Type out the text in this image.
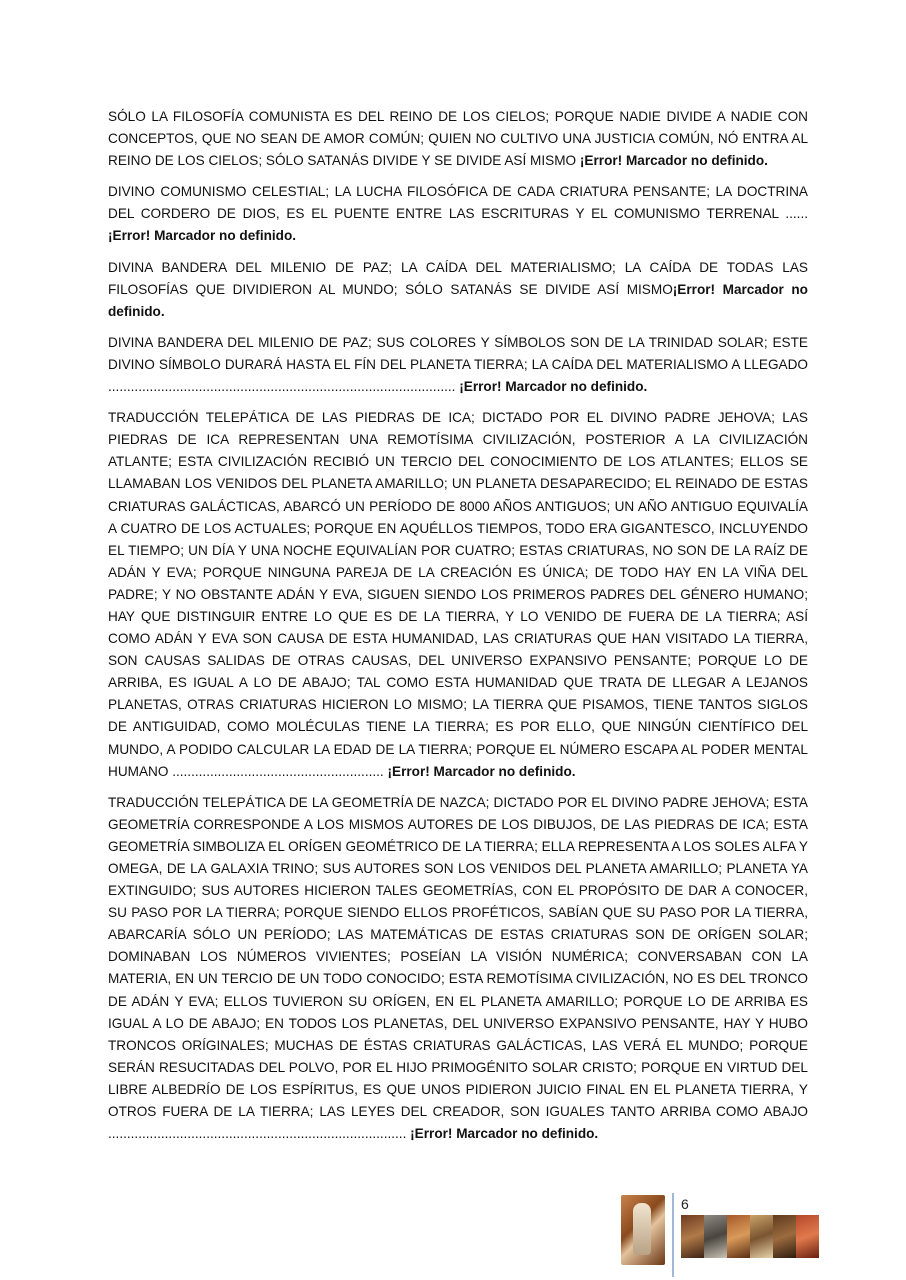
SÓLO LA FILOSOFÍA COMUNISTA ES DEL REINO DE LOS CIELOS; PORQUE NADIE DIVIDE A NADIE CON CONCEPTOS, QUE NO SEAN DE AMOR COMÚN; QUIEN NO CULTIVO UNA JUSTICIA COMÚN, NÓ ENTRA AL REINO DE LOS CIELOS; SÓLO SATANÁS DIVIDE Y SE DIVIDE ASÍ MISMO ¡Error! Marcador no definido.

DIVINO COMUNISMO CELESTIAL; LA LUCHA FILOSÓFICA DE CADA CRIATURA PENSANTE; LA DOCTRINA DEL CORDERO DE DIOS, ES EL PUENTE ENTRE LAS ESCRITURAS Y EL COMUNISMO TERRENAL ...... ¡Error! Marcador no definido.

DIVINA BANDERA DEL MILENIO DE PAZ; LA CAÍDA DEL MATERIALISMO; LA CAÍDA DE TODAS LAS FILOSOFÍAS QUE DIVIDIERON AL MUNDO; SÓLO SATANÁS SE DIVIDE ASÍ MISMO¡Error! Marcador no definido.

DIVINA BANDERA DEL MILENIO DE PAZ; SUS COLORES Y SÍMBOLOS SON DE LA TRINIDAD SOLAR; ESTE DIVINO SÍMBOLO DURARÁ HASTA EL FÍN DEL PLANETA TIERRA; LA CAÍDA DEL MATERIALISMO A LLEGADO ............................................................................................ ¡Error! Marcador no definido.

TRADUCCIÓN TELEPÁTICA DE LAS PIEDRAS DE ICA; DICTADO POR EL DIVINO PADRE JEHOVA; LAS PIEDRAS DE ICA REPRESENTAN UNA REMOTÍSIMA CIVILIZACIÓN, POSTERIOR A LA CIVILIZACIÓN ATLANTE; ESTA CIVILIZACIÓN RECIBIÓ UN TERCIO DEL CONOCIMIENTO DE LOS ATLANTES; ELLOS SE LLAMABAN LOS VENIDOS DEL PLANETA AMARILLO; UN PLANETA DESAPARECIDO; EL REINADO DE ESTAS CRIATURAS GALÁCTICAS, ABARCÓ UN PERÍODO DE 8000 AÑOS ANTIGUOS; UN AÑO ANTIGUO EQUIVALÍA A CUATRO DE LOS ACTUALES; PORQUE EN AQUÉLLOS TIEMPOS, TODO ERA GIGANTESCO, INCLUYENDO EL TIEMPO; UN DÍA Y UNA NOCHE EQUIVALÍAN POR CUATRO; ESTAS CRIATURAS, NO SON DE LA RAÍZ DE ADÁN Y EVA; PORQUE NINGUNA PAREJA DE LA CREACIÓN ES ÚNICA; DE TODO HAY EN LA VIÑA DEL PADRE; Y NO OBSTANTE ADÁN Y EVA, SIGUEN SIENDO LOS PRIMEROS PADRES DEL GÉNERO HUMANO; HAY QUE DISTINGUIR ENTRE LO QUE ES DE LA TIERRA, Y LO VENIDO DE FUERA DE LA TIERRA; ASÍ COMO ADÁN Y EVA SON CAUSA DE ESTA HUMANIDAD, LAS CRIATURAS QUE HAN VISITADO LA TIERRA, SON CAUSAS SALIDAS DE OTRAS CAUSAS, DEL UNIVERSO EXPANSIVO PENSANTE; PORQUE LO DE ARRIBA, ES IGUAL A LO DE ABAJO; TAL COMO ESTA HUMANIDAD QUE TRATA DE LLEGAR A LEJANOS PLANETAS, OTRAS CRIATURAS HICIERON LO MISMO; LA TIERRA QUE PISAMOS, TIENE TANTOS SIGLOS DE ANTIGUIDAD, COMO MOLÉCULAS TIENE LA TIERRA; ES POR ELLO, QUE NINGÚN CIENTÍFICO DEL MUNDO, A PODIDO CALCULAR LA EDAD DE LA TIERRA; PORQUE EL NÚMERO ESCAPA AL PODER MENTAL HUMANO ........................................................ ¡Error! Marcador no definido.

TRADUCCIÓN TELEPÁTICA DE LA GEOMETRÍA DE NAZCA; DICTADO POR EL DIVINO PADRE JEHOVA; ESTA GEOMETRÍA CORRESPONDE A LOS MISMOS AUTORES DE LOS DIBUJOS, DE LAS PIEDRAS DE ICA; ESTA GEOMETRÍA SIMBOLIZA EL ORÍGEN GEOMÉTRICO DE LA TIERRA; ELLA REPRESENTA A LOS SOLES ALFA Y OMEGA, DE LA GALAXIA TRINO; SUS AUTORES SON LOS VENIDOS DEL PLANETA AMARILLO; PLANETA YA EXTINGUIDO; SUS AUTORES HICIERON TALES GEOMETRÍAS, CON EL PROPÓSITO DE DAR A CONOCER, SU PASO POR LA TIERRA; PORQUE SIENDO ELLOS PROFÉTICOS, SABÍAN QUE SU PASO POR LA TIERRA, ABARCARÍA SÓLO UN PERÍODO; LAS MATEMÁTICAS DE ESTAS CRIATURAS SON DE ORÍGEN SOLAR; DOMINABAN LOS NÚMEROS VIVIENTES; POSEÍAN LA VISIÓN NUMÉRICA; CONVERSABAN CON LA MATERIA, EN UN TERCIO DE UN TODO CONOCIDO; ESTA REMOTÍSIMA CIVILIZACIÓN, NO ES DEL TRONCO DE ADÁN Y EVA; ELLOS TUVIERON SU ORÍGEN, EN EL PLANETA AMARILLO; PORQUE LO DE ARRIBA ES IGUAL A LO DE ABAJO; EN TODOS LOS PLANETAS, DEL UNIVERSO EXPANSIVO PENSANTE, HAY Y HUBO TRONCOS ORÍGINALES; MUCHAS DE ÉSTAS CRIATURAS GALÁCTICAS, LAS VERÁ EL MUNDO; PORQUE SERÁN RESUCITADAS DEL POLVO, POR EL HIJO PRIMOGÉNITO SOLAR CRISTO; PORQUE EN VIRTUD DEL LIBRE ALBEDRÍO DE LOS ESPÍRITUS, ES QUE UNOS PIDIERON JUICIO FINAL EN EL PLANETA TIERRA, Y OTROS FUERA DE LA TIERRA; LAS LEYES DEL CREADOR, SON IGUALES TANTO ARRIBA COMO ABAJO ............................................................................... ¡Error! Marcador no definido.

6
